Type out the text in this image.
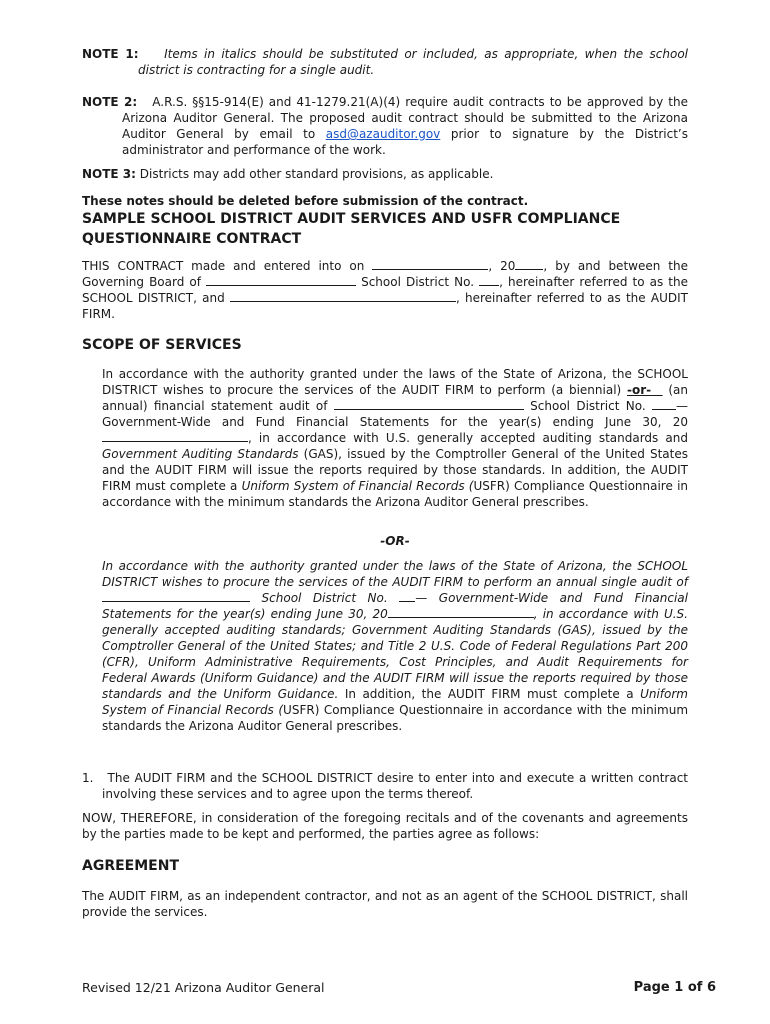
NOTE 1: Items in italics should be substituted or included, as appropriate, when the school district is contracting for a single audit.

NOTE 2: A.R.S. §§15-914(E) and 41-1279.21(A)(4) require audit contracts to be approved by the Arizona Auditor General. The proposed audit contract should be submitted to the Arizona Auditor General by email to asd@azauditor.gov prior to signature by the District’s administrator and performance of the work.

NOTE 3: Districts may add other standard provisions, as applicable.

These notes should be deleted before submission of the contract.

SAMPLE SCHOOL DISTRICT AUDIT SERVICES AND USFR COMPLIANCE
QUESTIONNAIRE CONTRACT

THIS CONTRACT made and entered into on	, 20 , by and between the Governing Board of	School District No. , hereinafter referred to as the SCHOOL DISTRICT, and	, hereinafter referred to as the AUDIT FIRM.

SCOPE OF SERVICES

In accordance with the authority granted under the laws of the State of Arizona, the SCHOOL DISTRICT wishes to procure the services of the AUDIT FIRM to perform (a biennial) -or- (an annual) financial statement audit of	School District No.	— Government-Wide and Fund Financial Statements for the year(s) ending June 30, 20, in accordance with U.S. generally accepted auditing standards and Government Auditing Standards (GAS), issued by the Comptroller General of the United States and the AUDIT FIRM will issue the reports required by those standards. In addition, the AUDIT FIRM must complete a Uniform System of Financial Records (USFR) Compliance Questionnaire in accordance with the minimum standards the Arizona Auditor General prescribes.

-OR-

In accordance with the authority granted under the laws of the State of Arizona, the SCHOOL DISTRICT wishes to procure the services of the AUDIT FIRM to perform an annual single audit of  School District No. — Government-Wide and Fund Financial Statements for the year(s) ending June 30, 20	, in accordance with U.S. generally accepted auditing standards; Government Auditing Standards (GAS), issued by the Comptroller General of the United States; and Title 2 U.S. Code of Federal Regulations Part 200 (CFR), Uniform Administrative Requirements, Cost Principles, and Audit Requirements for Federal Awards (Uniform Guidance) and the AUDIT FIRM will issue the reports required by those standards and the Uniform Guidance. In addition, the AUDIT FIRM must complete a Uniform System of Financial Records (USFR) Compliance Questionnaire in accordance with the minimum standards the Arizona Auditor General prescribes.

1. The AUDIT FIRM and the SCHOOL DISTRICT desire to enter into and execute a written contract involving these services and to agree upon the terms thereof.

NOW, THEREFORE, in consideration of the foregoing recitals and of the covenants and agreements by the parties made to be kept and performed, the parties agree as follows:

AGREEMENT

The AUDIT FIRM, as an independent contractor, and not as an agent of the SCHOOL DISTRICT, shall provide the services.

Revised 12/21 Arizona Auditor General	Page 1 of 6
